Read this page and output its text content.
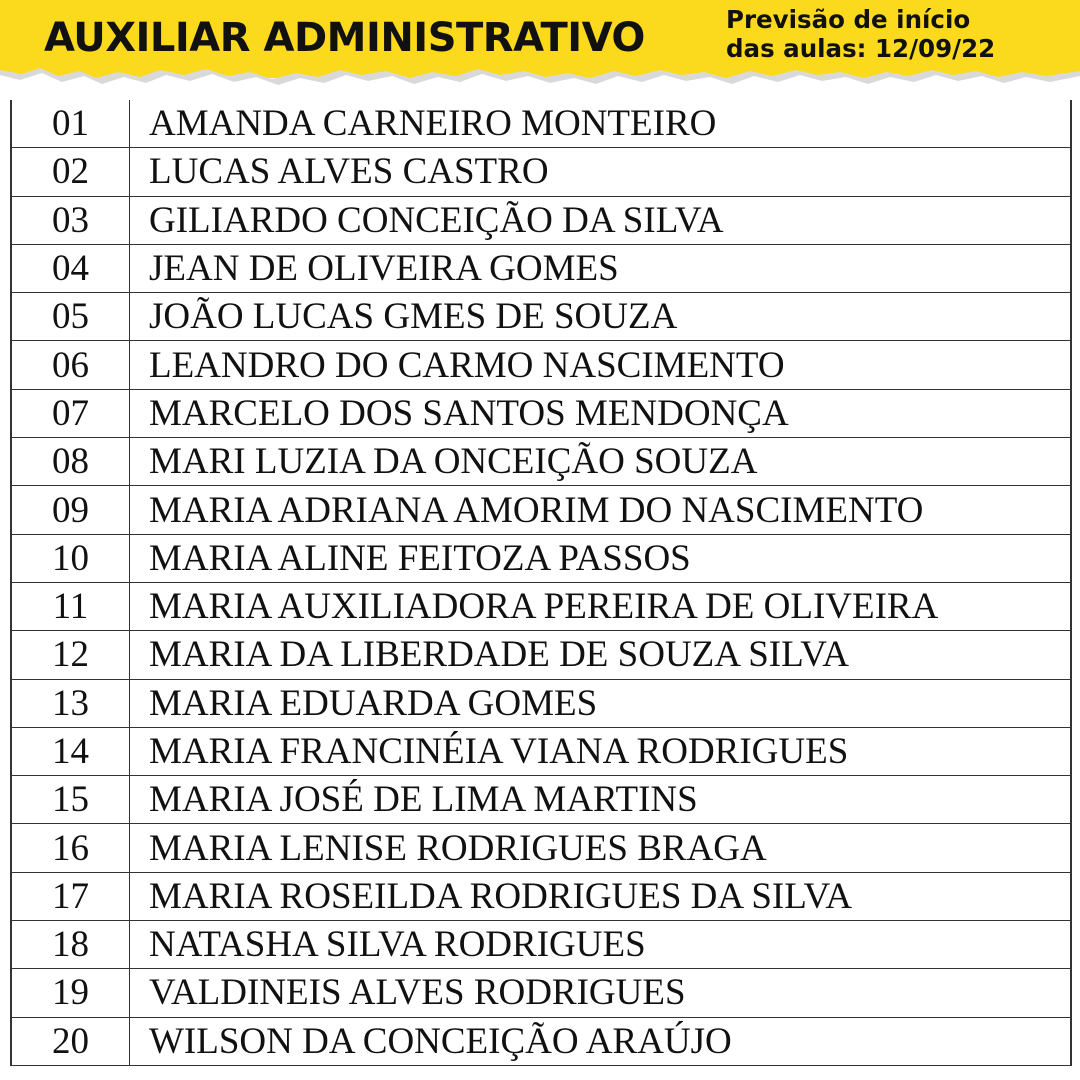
AUXILIAR ADMINISTRATIVO	Previsão de início
das aulas: 12/09/22
01	AMANDA CARNEIRO MONTEIRO
02	LUCAS ALVES CASTRO
03	GILIARDO CONCEIÇÃO DA SILVA
04	JEAN DE OLIVEIRA GOMES
05	JOÃO LUCAS GMES DE SOUZA
06	LEANDRO DO CARMO NASCIMENTO
07	MARCELO DOS SANTOS MENDONÇA
08	MARI LUZIA DA ONCEIÇÃO SOUZA
09	MARIA ADRIANA AMORIM DO NASCIMENTO
10	MARIA ALINE FEITOZA PASSOS
11	MARIA AUXILIADORA PEREIRA DE OLIVEIRA
12	MARIA DA LIBERDADE DE SOUZA SILVA
13	MARIA EDUARDA GOMES
14	MARIA FRANCINÉIA VIANA RODRIGUES
15	MARIA JOSÉ DE LIMA MARTINS
16	MARIA LENISE RODRIGUES BRAGA
17	MARIA ROSEILDA RODRIGUES DA SILVA
18	NATASHA SILVA RODRIGUES
19	VALDINEIS ALVES RODRIGUES
20	WILSON DA CONCEIÇÃO ARAÚJO
